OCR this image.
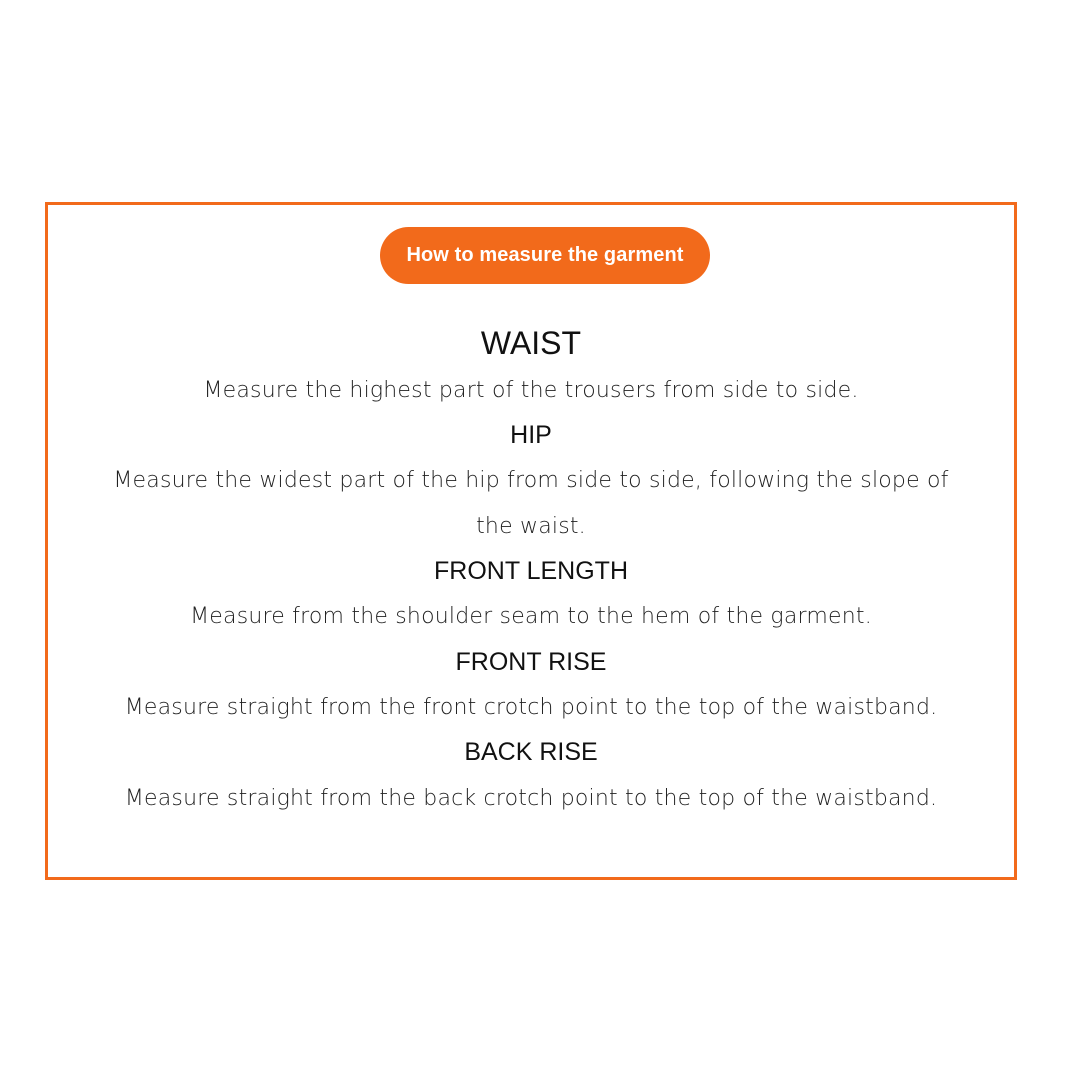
How to measure the garment
WAIST
Measure the highest part of the trousers from side to side.
HIP
Measure the widest part of the hip from side to side, following the slope of the waist.
FRONT LENGTH
Measure from the shoulder seam to the hem of the garment.
FRONT RISE
Measure straight from the front crotch point to the top of the waistband.
BACK RISE
Measure straight from the back crotch point to the top of the waistband.
